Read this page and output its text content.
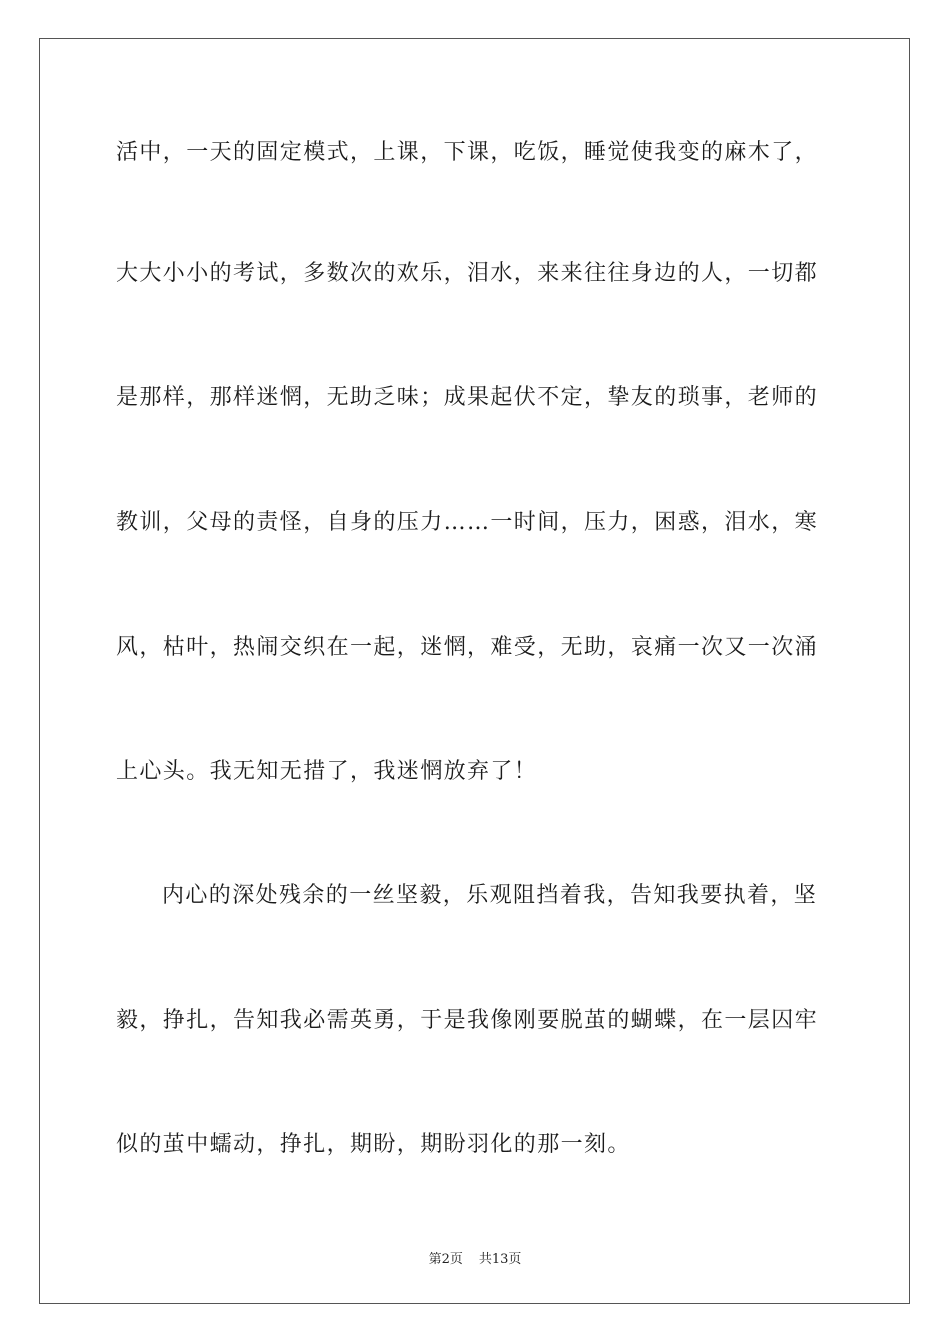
活中，一天的固定模式，上课，下课，吃饭，睡觉使我变的麻木了，
大大小小的考试，多数次的欢乐，泪水，来来往往身边的人，一切都
是那样，那样迷惘，无助乏味；成果起伏不定，挚友的琐事，老师的
教训，父母的责怪，自身的压力……一时间，压力，困惑，泪水，寒
风，枯叶，热闹交织在一起，迷惘，难受，无助，哀痛一次又一次涌
上心头。我无知无措了，我迷惘放弃了！
内心的深处残余的一丝坚毅，乐观阻挡着我，告知我要执着，坚
毅，挣扎，告知我必需英勇，于是我像刚要脱茧的蝴蝶，在一层囚牢
似的茧中蠕动，挣扎，期盼，期盼羽化的那一刻。
第2页 共13页
